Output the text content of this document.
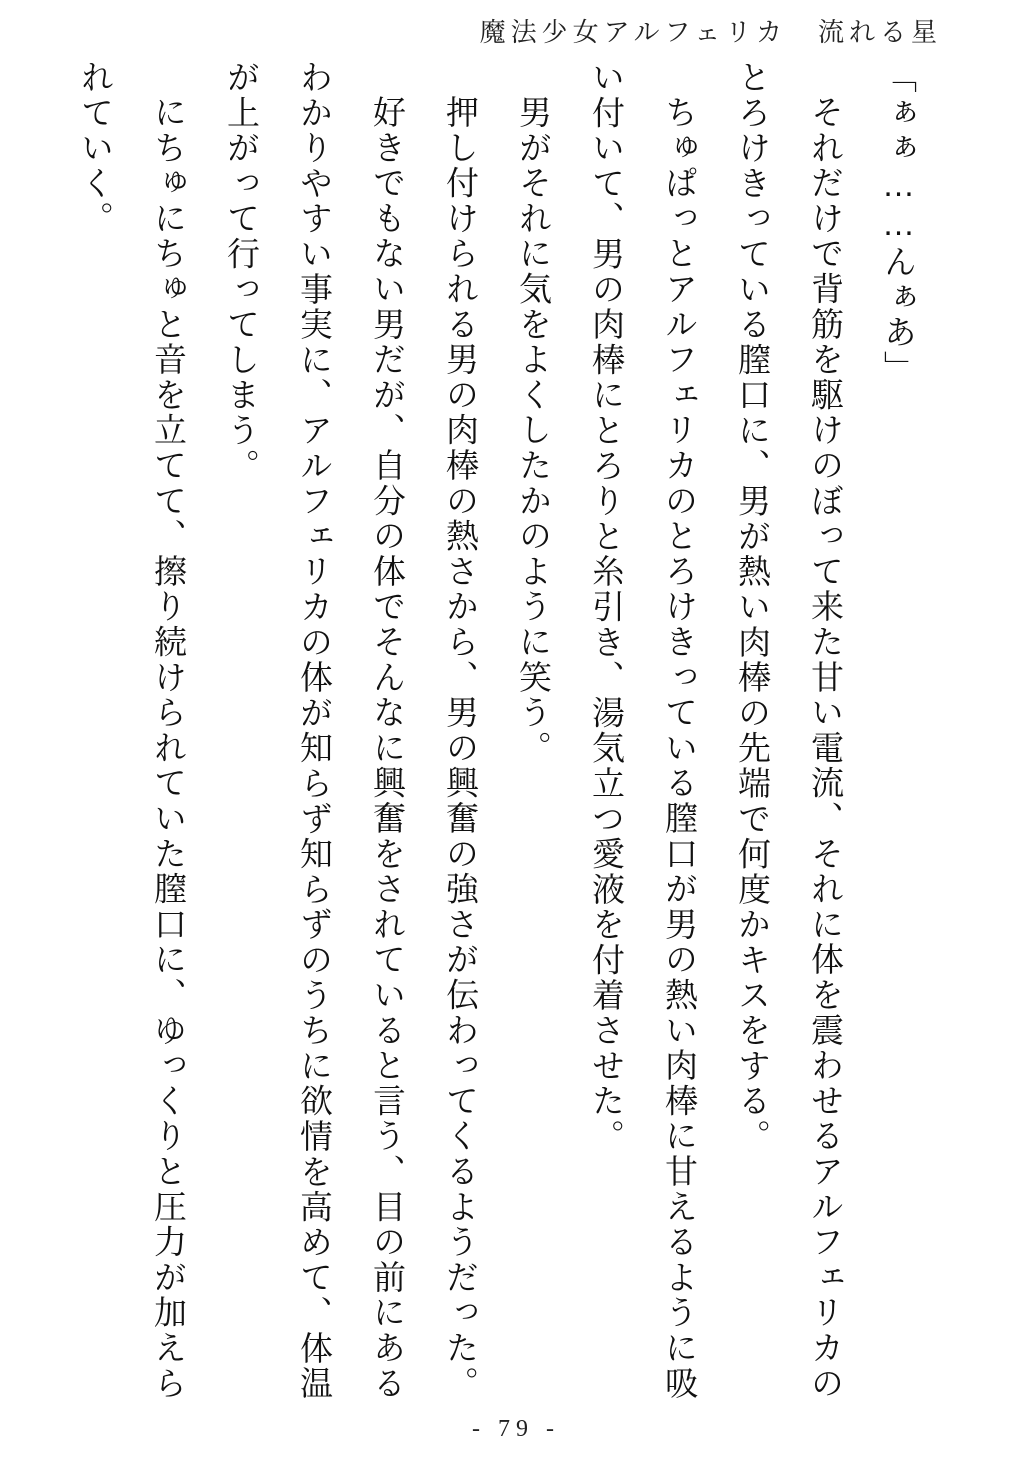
魔法少女アルフェリカ　流れる星

「ぁぁ……んぁあ」

それだけで背筋を駆けのぼって来た甘い電流、それに体を震わせるアルフェリカのとろけきっている膣口に、男が熱い肉棒の先端で何度かキスをする。

ちゅぱっとアルフェリカのとろけきっている膣口が男の熱い肉棒に甘えるように吸い付いて、男の肉棒にとろりと糸引き、湯気立つ愛液を付着させた。

男がそれに気をよくしたかのように笑う。

押し付けられる男の肉棒の熱さから、男の興奮の強さが伝わってくるようだった。

好きでもない男だが、自分の体でそんなに興奮をされていると言う、目の前にあるわかりやすい事実に、アルフェリカの体が知らず知らずのうちに欲情を高めて、体温が上がって行ってしまう。

にちゅにちゅと音を立てて、擦り続けられていた膣口に、ゆっくりと圧力が加えられていく。

- 79 -
